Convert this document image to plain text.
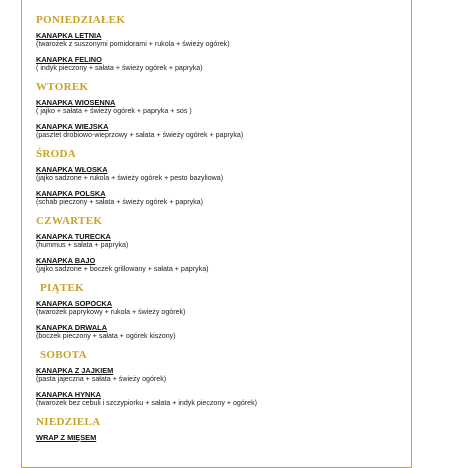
PONIEDZIAŁEK

KANAPKA LETNIA

(twarożek z suszonymi pomidorami + rukola + świeży ogórek)

KANAPKA FELINO

( indyk pieczony + sałata + świeży ogórek + papryka)

WTOREK

KANAPKA WIOSENNA

( jajko + sałata + świeży ogórek + papryka + sos )

KANAPKA WIEJSKA

(pasztet drobiowo-wieprzowy + sałata + świeży ogórek + papryka)

ŚRODA

KANAPKA WŁOSKA

(jajko sadzone + rukola + świeży ogórek + pesto bazyliowa)

KANAPKA POLSKA

(schab pieczony + sałata + świeży ogórek + papryka)

CZWARTEK

KANAPKA TURECKA

(hummus + sałata + papryka)

KANAPKA BAJO

(jajko sadzone + boczek grillowany + sałata + papryka)

PIĄTEK

KANAPKA SOPOCKA

(twarożek paprykowy + rukola + świeży ogórek)

KANAPKA DRWALA

(boczek pieczony + sałata + ogórek kiszony)

SOBOTA

KANAPKA Z JAJKIEM

(pasta jajeczna + sałata + świeży ogórek)

KANAPKA HYNKA

(twarożek bez cebuli i szczypiorku + sałata + indyk pieczony + ogórek)

NIEDZIELA

WRAP Z MIĘSEM
